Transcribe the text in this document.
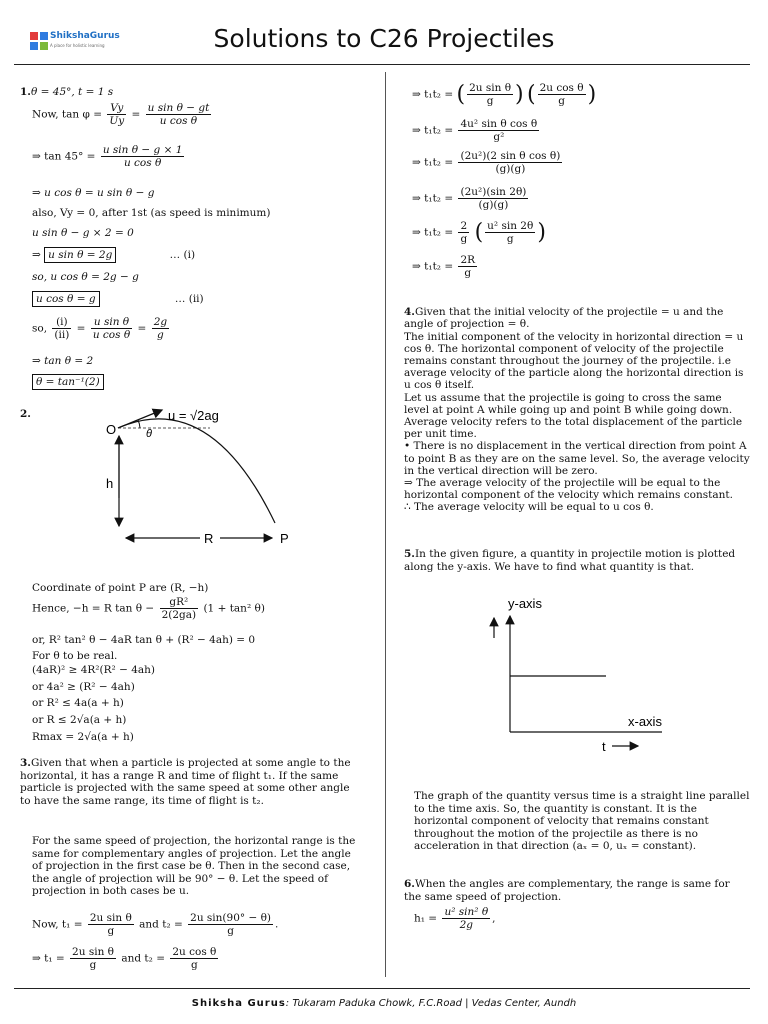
ShikshaGurus
A place for holistic learning	Solutions to C26 Projectiles
1.θ = 45°, t = 1 s
Now, $\tan \varphi = \frac{Vy}{Uy} = \frac{\text{u sin θ − gt}}{\text{u cos θ}}$
⇒ $\tan 45^\circ = \frac{\text{u sin θ − g × 1}}{\text{u cos θ}}$
⇒ u cos θ = u sin θ − g
also, Vy = 0, after 1st (as speed is minimum)
u sin θ − g × 2 = 0
⇒ u sin θ = 2g	… (i)
so, u cos θ = 2g − g
u cos θ = g	… (ii)
so, $\frac{(i)}{(ii)} = \frac{\text{u sin θ}}{\text{u cos θ}} = \frac{2g}{g}$
⇒ tan θ = 2
θ = tan⁻¹(2)
2.	u = √2ag
O	θ
h
R	P
Coordinate of point P are (R, −h)
Hence, −h = R $\tan \theta - \frac{\text{gR²}}{2(2ga)} (1 + \tan^2$ θ)
or, R² tan² θ − 4aR tan θ + (R² − 4ah) = 0
For θ to be real.
(4aR)² ≥ 4R²(R² − 4ah)
or 4a² ≥ (R² − 4ah)
or R² ≤ 4a(a + h)
or R ≤ 2√a(a + h)
Rmax = 2√a(a + h)
3.Given that when a particle is projected at some angle to the horizontal, it has a range R and time of flight t₁. If the same particle is projected with the same speed at some other angle to have the same range, its time of flight is t₂.
For the same speed of projection, the horizontal range is the same for complementary angles of projection. Let the angle of projection in the first case be θ. Then in the second case, the angle of projection will be 90° − θ. Let the speed of projection in both cases be u.
Now, $t_1 = \frac{\text{2u sin θ}}{g}$ and $t_2 = \frac{\text{2u sin(90° − θ)}}{g}$ .
⇒ $t_1 = \frac{\text{2u sin θ}}{g}$ and $t_2 = \frac{\text{2u cos θ}}{g}$
⇒ t₁t₂ = ( $\frac{\text{2u sin θ}}{g}$ ) ( $\frac{\text{2u cos θ}}{g}$ )
⇒ $t_1t_2 = \frac{\text{4u² sin θ cos θ}}{\text{g²}}$
⇒ $t_1t_2 = \frac{\text{(2u²)(2 sin θ cos θ)}}{(g)(g)}$
⇒ $t_1t_2 = \frac{\text{(2u²)(sin 2θ)}}{(g)(g)}$
⇒ $t_1t_2 = \frac{2}{g}$ ( $\frac{\text{u² sin 2θ}}{g}$ )
⇒ $t_1t_2 = \frac{2R}{g}$

4.Given that the initial velocity of the projectile = u and the angle of projection = θ.
The initial component of the velocity in horizontal direction = u cos θ. The horizontal component of velocity of the projectile remains constant throughout the journey of the projectile. i.e average velocity of the particle along the horizontal direction is u cos θ itself.
Let us assume that the projectile is going to cross the same level at point A while going up and point B while going down.
Average velocity refers to the total displacement of the particle per unit time.
• There is no displacement in the vertical direction from point A to point B as they are on the same level. So, the average velocity in the vertical direction will be zero.
⇒ The average velocity of the projectile will be equal to the horizontal component of the velocity which remains constant.
∴ The average velocity will be equal to u cos θ.

5.In the given figure, a quantity in projectile motion is plotted along the y-axis. We have to find what quantity is that.
y-axis
x-axis
t
The graph of the quantity versus time is a straight line parallel to the time axis. So, the quantity is constant. It is the horizontal component of velocity that remains constant throughout the motion of the projectile as there is no acceleration in that direction (aₓ = 0, uₓ = constant).
6.When the angles are complementary, the range is same for the same speed of projection.
$h_1 = \frac{\text{u² sin² θ}}{2g}$ ,
Shiksha Gurus: Tukaram Paduka Chowk, F.C.Road | Vedas Center, Aundh
